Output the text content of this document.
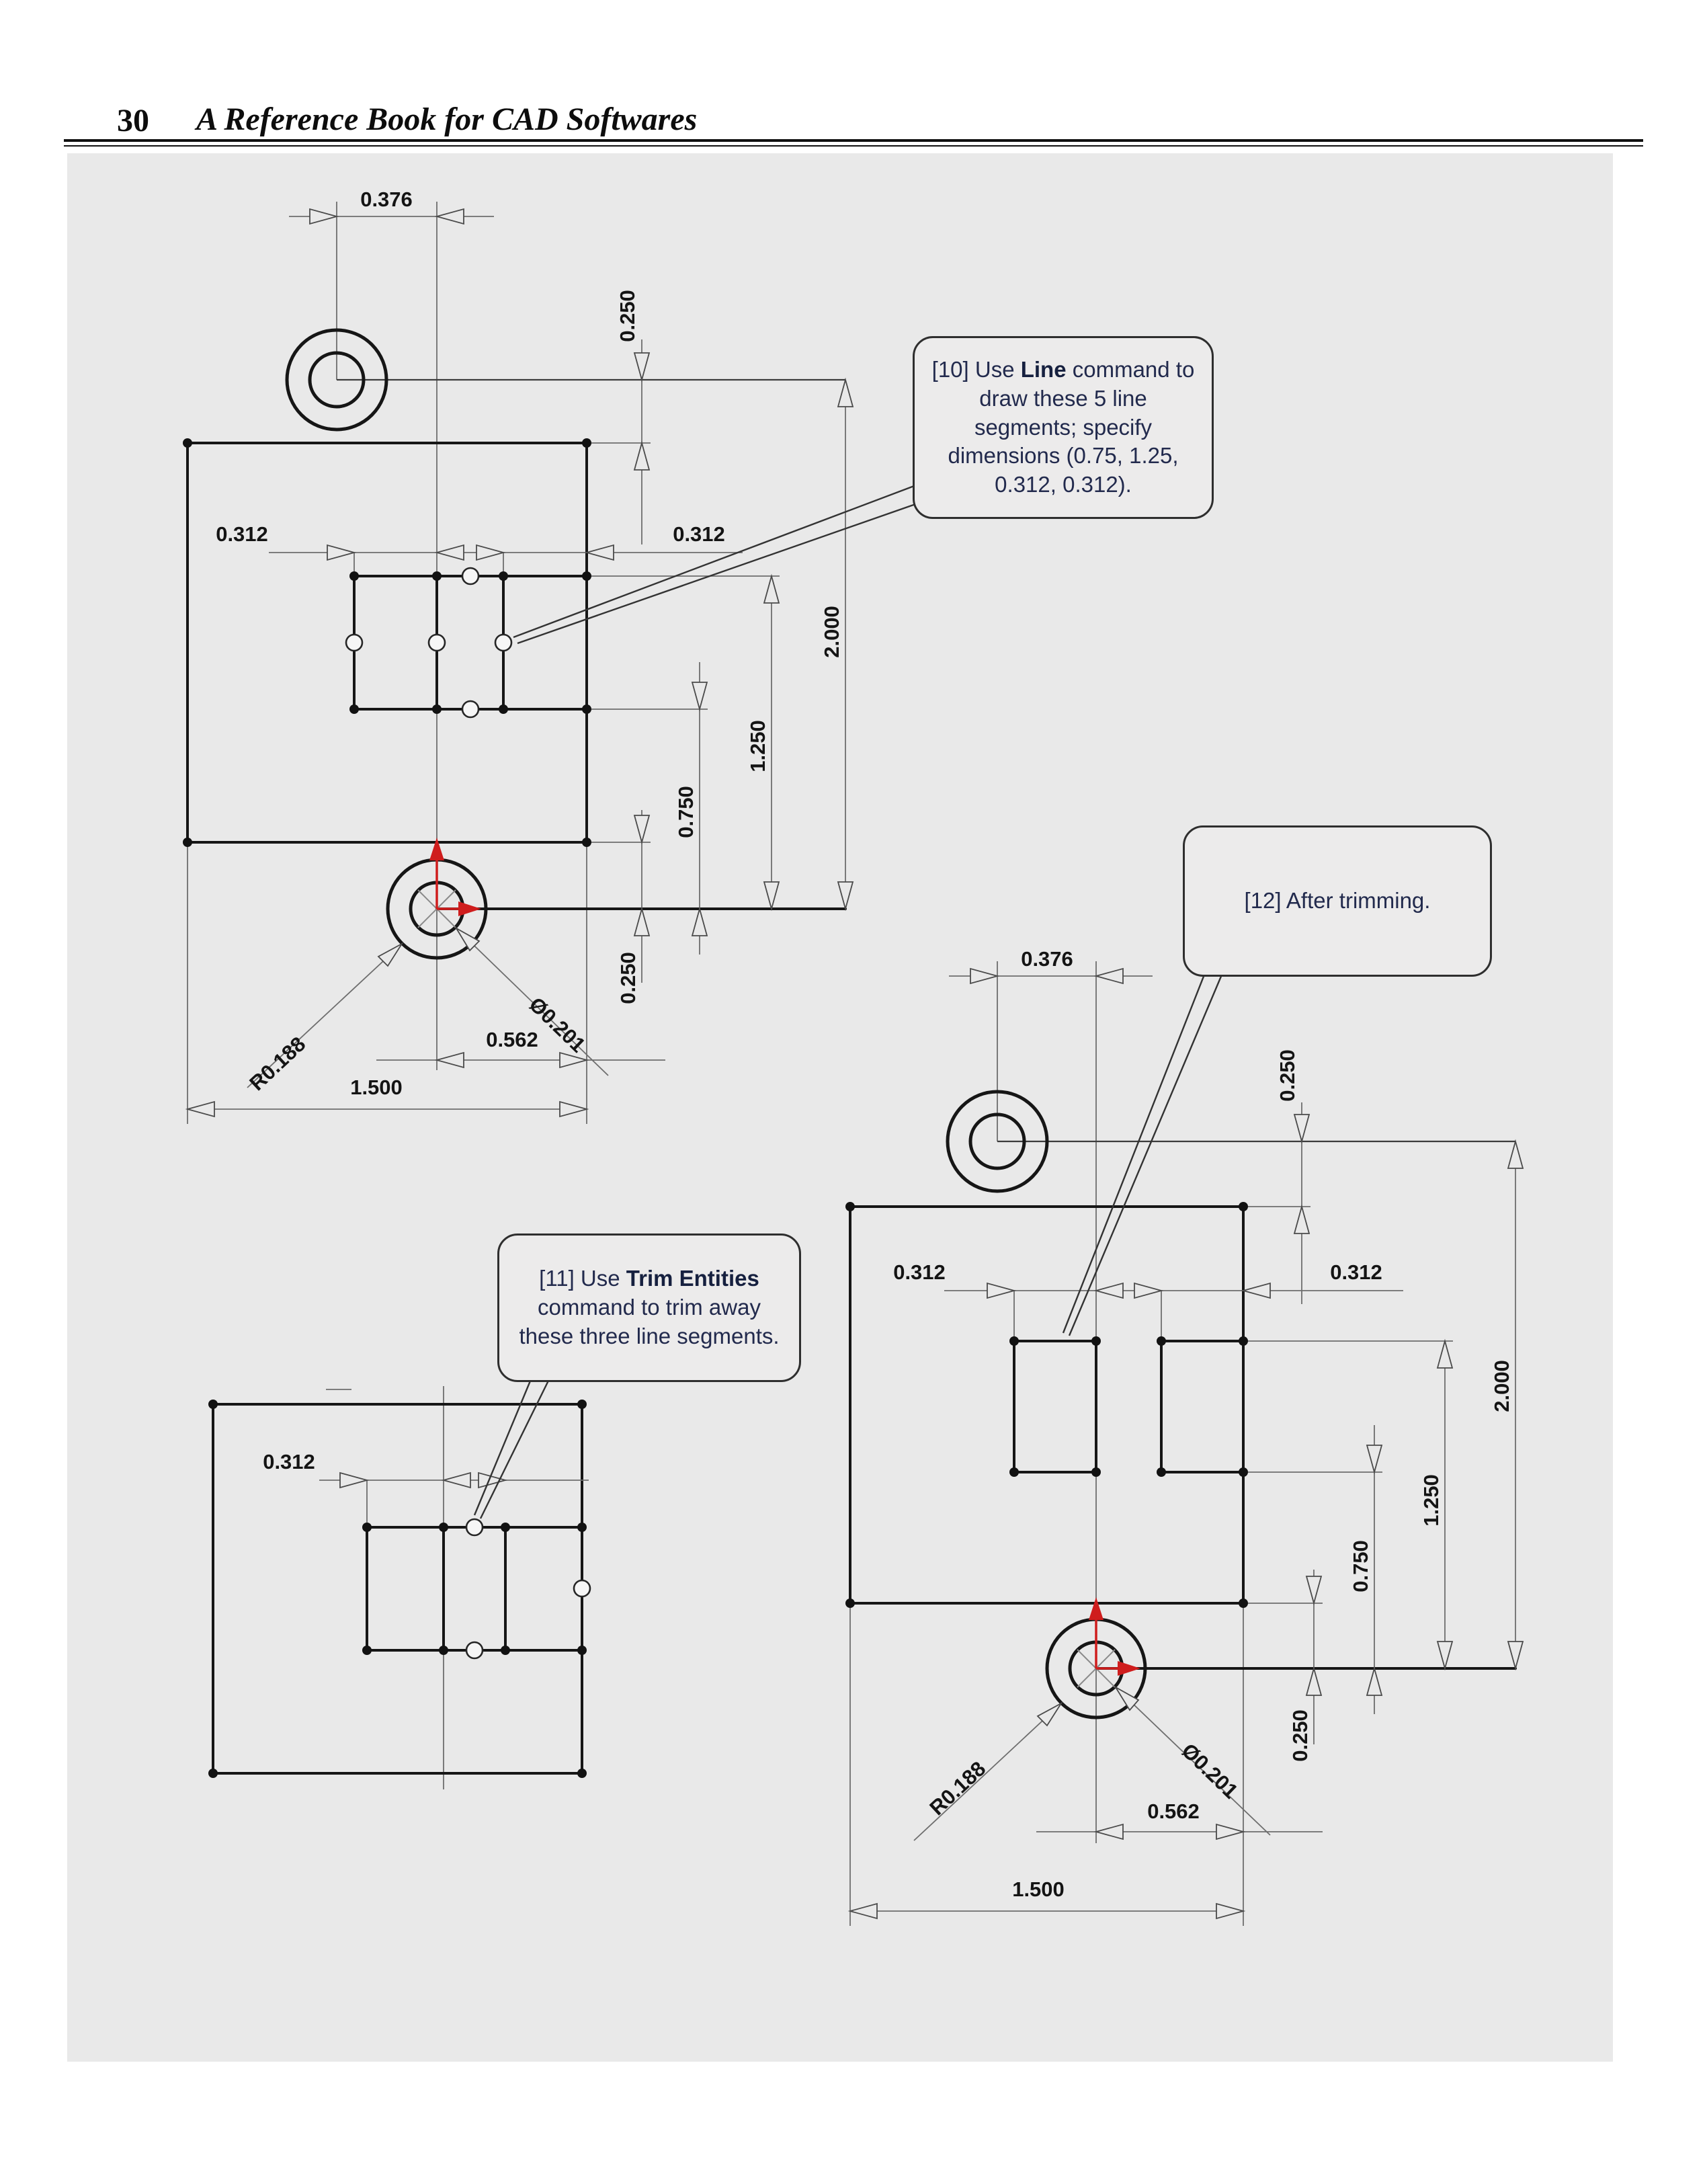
30 A Reference Book for CAD Softwares
0.376
0.250
0.312	0.312
2.000
1.250
0.750
0.250
0.562
1.500
R0.188
Ø0.201
0.312
0.376
0.250
0.312	0.312
2.000
1.250
0.750
0.250
0.562
1.500
R0.188	Ø0.201
[10] Use Line command to draw these 5 line segments; specify dimensions (0.75, 1.25, 0.312, 0.312).
[11] Use Trim Entities command to trim away these three line segments.
[12] After trimming.
